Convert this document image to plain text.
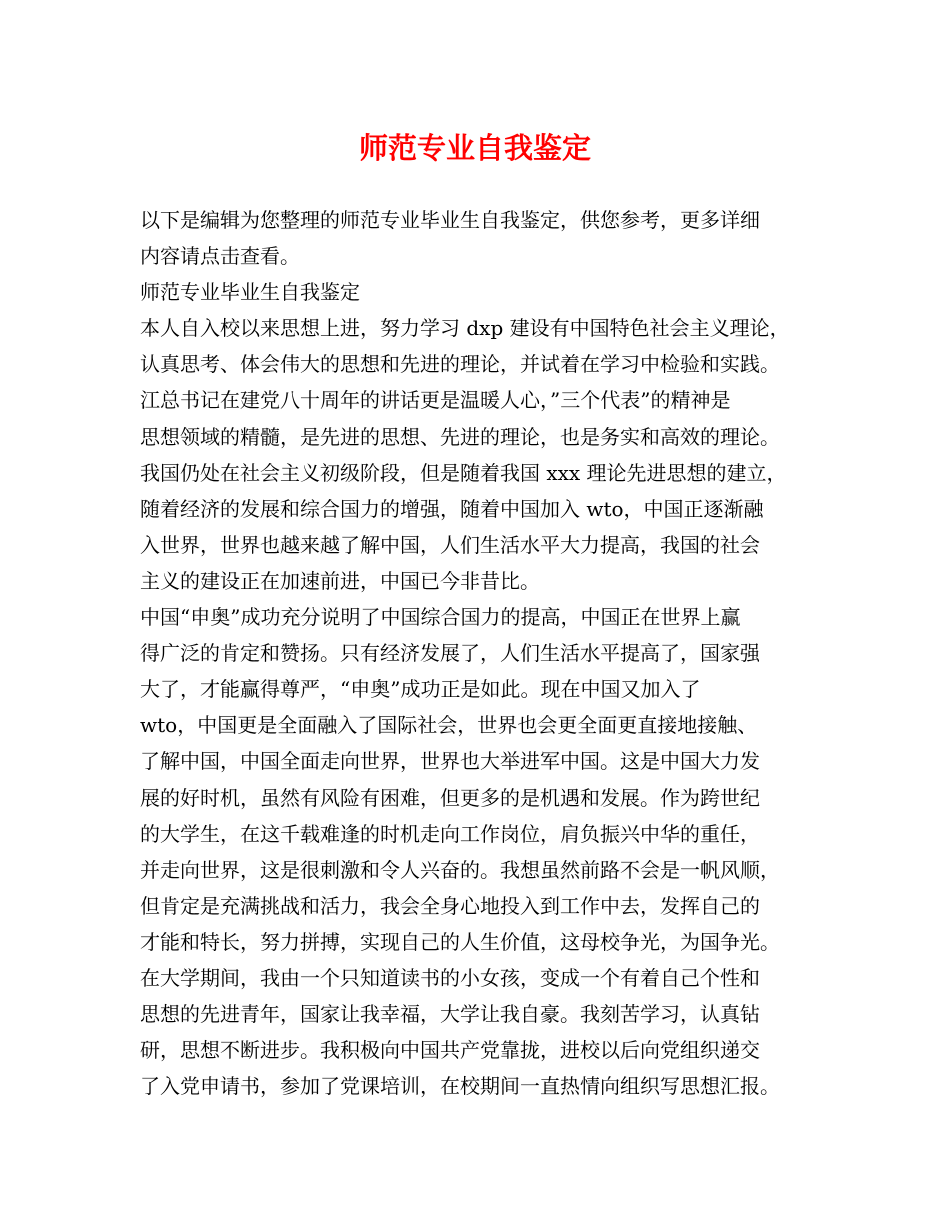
师范专业自我鉴定
以下是编辑为您整理的师范专业毕业生自我鉴定，供您参考，更多详细
内容请点击查看。
师范专业毕业生自我鉴定
本人自入校以来思想上进，努力学习 dxp 建设有中国特色社会主义理论，
认真思考、体会伟大的思想和先进的理论，并试着在学习中检验和实践。
江总书记在建党八十周年的讲话更是温暖人心，”三个代表”的精神是
思想领域的精髓，是先进的思想、先进的理论，也是务实和高效的理论。
我国仍处在社会主义初级阶段，但是随着我国 xxx 理论先进思想的建立，
随着经济的发展和综合国力的增强，随着中国加入 wto，中国正逐渐融
入世界，世界也越来越了解中国，人们生活水平大力提高，我国的社会
主义的建设正在加速前进，中国已今非昔比。
中国“申奥”成功充分说明了中国综合国力的提高，中国正在世界上赢
得广泛的肯定和赞扬。只有经济发展了，人们生活水平提高了，国家强
大了，才能赢得尊严，“申奥”成功正是如此。现在中国又加入了
wto，中国更是全面融入了国际社会，世界也会更全面更直接地接触、
了解中国，中国全面走向世界，世界也大举进军中国。这是中国大力发
展的好时机，虽然有风险有困难，但更多的是机遇和发展。作为跨世纪
的大学生，在这千载难逢的时机走向工作岗位，肩负振兴中华的重任，
并走向世界，这是很刺激和令人兴奋的。我想虽然前路不会是一帆风顺，
但肯定是充满挑战和活力，我会全身心地投入到工作中去，发挥自己的
才能和特长，努力拼搏，实现自己的人生价值，这母校争光，为国争光。
在大学期间，我由一个只知道读书的小女孩，变成一个有着自己个性和
思想的先进青年，国家让我幸福，大学让我自豪。我刻苦学习，认真钻
研，思想不断进步。我积极向中国共产党靠拢，进校以后向党组织递交
了入党申请书，参加了党课培训，在校期间一直热情向组织写思想汇报。
